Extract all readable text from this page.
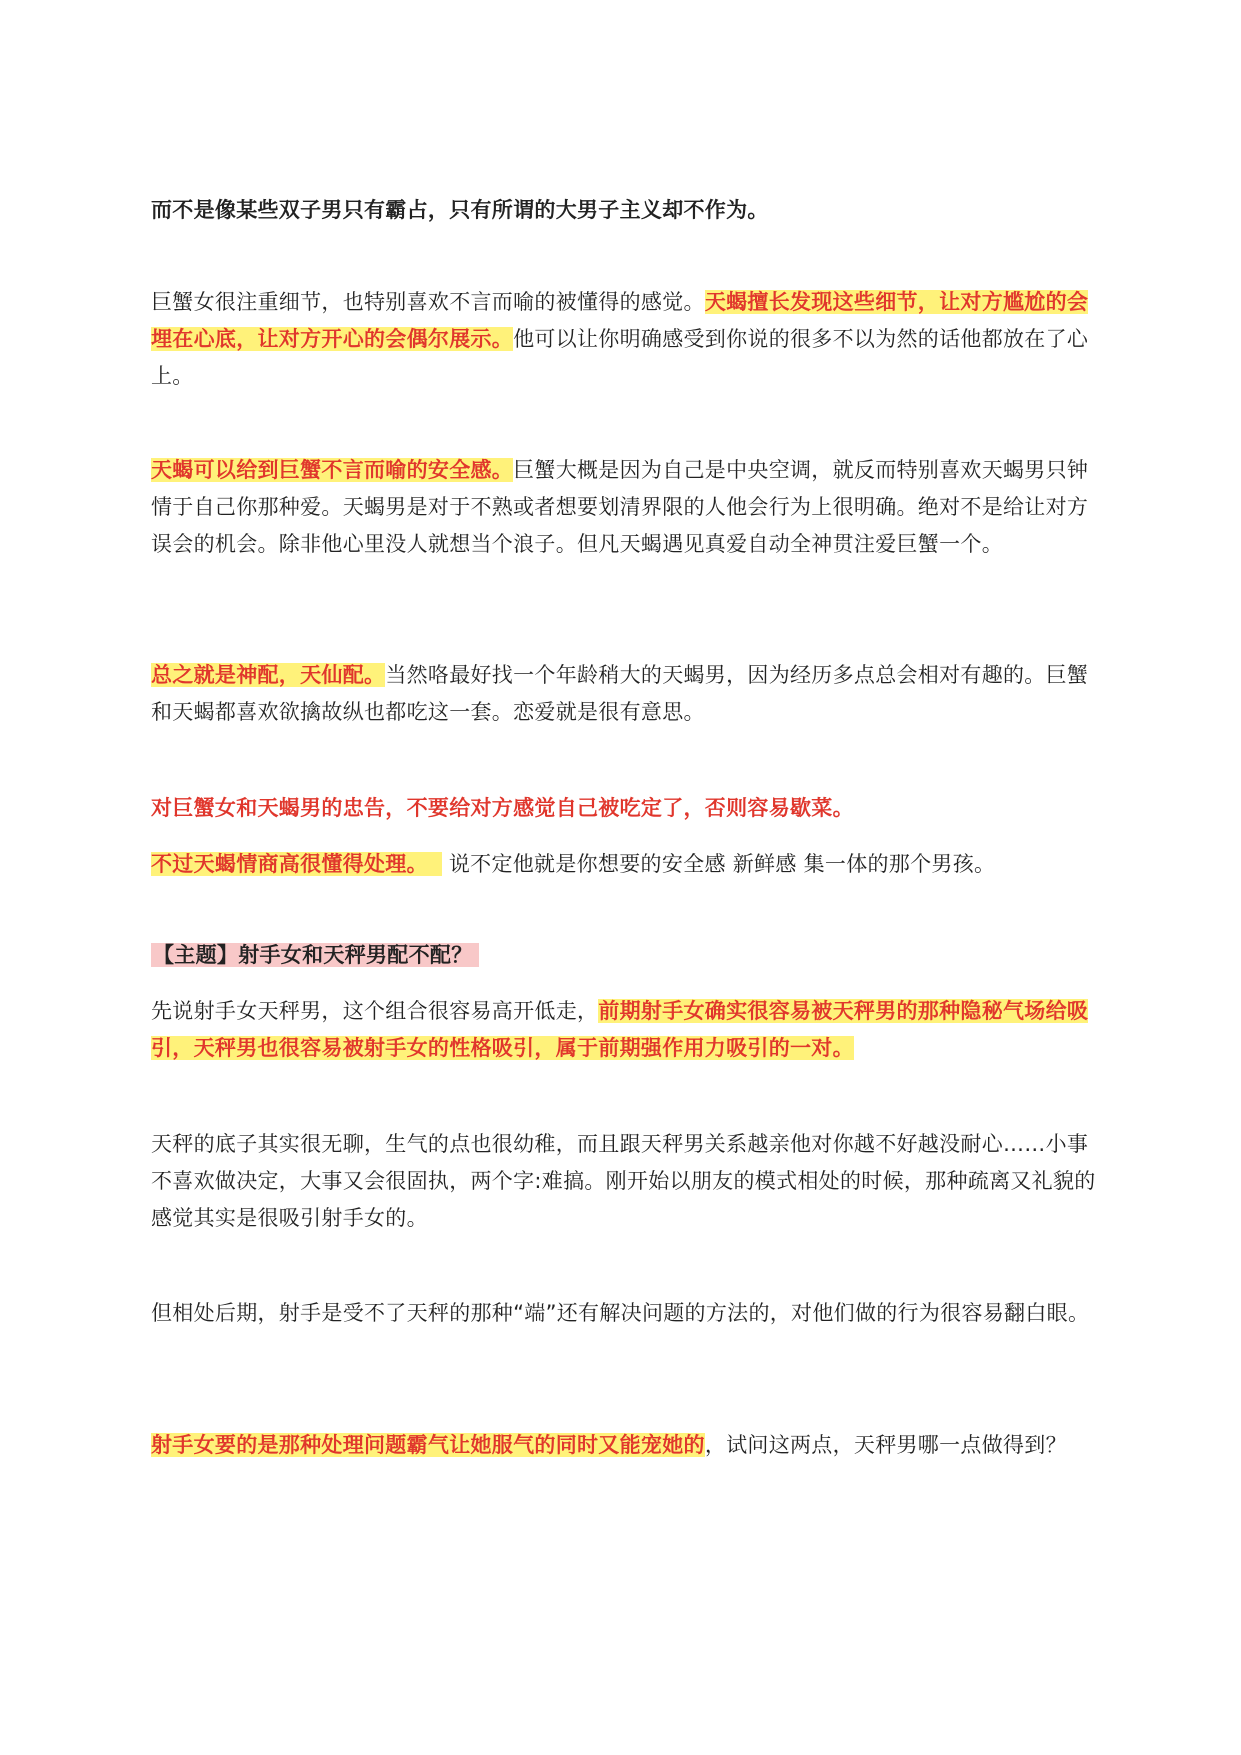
而不是像某些双子男只有霸占，只有所谓的大男子主义却不作为。

巨蟹女很注重细节，也特别喜欢不言而喻的被懂得的感觉。天蝎擅长发现这些细节，让对方尴尬的会埋在心底，让对方开心的会偶尔展示。他可以让你明确感受到你说的很多不以为然的话他都放在了心上。

天蝎可以给到巨蟹不言而喻的安全感。巨蟹大概是因为自己是中央空调，就反而特别喜欢天蝎男只钟情于自己你那种爱。天蝎男是对于不熟或者想要划清界限的人他会行为上很明确。绝对不是给让对方误会的机会。除非他心里没人就想当个浪子。但凡天蝎遇见真爱自动全神贯注爱巨蟹一个。

总之就是神配，天仙配。当然咯最好找一个年龄稍大的天蝎男，因为经历多点总会相对有趣的。巨蟹和天蝎都喜欢欲擒故纵也都吃这一套。恋爱就是很有意思。

对巨蟹女和天蝎男的忠告，不要给对方感觉自己被吃定了，否则容易歇菜。

不过天蝎情商高很懂得处理。 说不定他就是你想要的安全感 新鲜感 集一体的那个男孩。

【主题】射手女和天秤男配不配？

先说射手女天秤男，这个组合很容易高开低走，前期射手女确实很容易被天秤男的那种隐秘气场给吸引，天秤男也很容易被射手女的性格吸引，属于前期强作用力吸引的一对。

天秤的底子其实很无聊，生气的点也很幼稚，而且跟天秤男关系越亲他对你越不好越没耐心……小事不喜欢做决定，大事又会很固执，两个字:难搞。刚开始以朋友的模式相处的时候，那种疏离又礼貌的感觉其实是很吸引射手女的。

但相处后期，射手是受不了天秤的那种“端”还有解决问题的方法的，对他们做的行为很容易翻白眼。

射手女要的是那种处理问题霸气让她服气的同时又能宠她的，试问这两点，天秤男哪一点做得到？
